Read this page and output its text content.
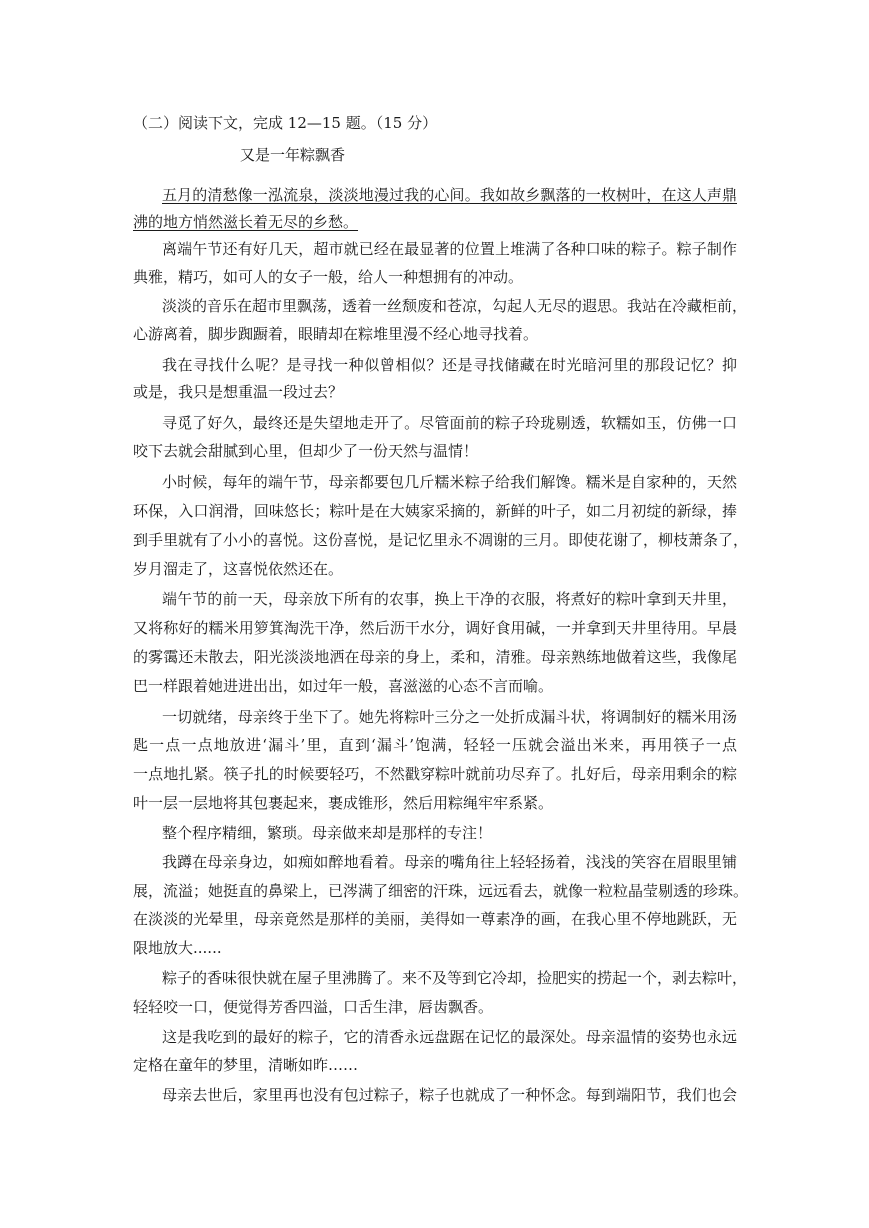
（二）阅读下文，完成 12—15 题。（15 分）
又是一年粽飘香
五月的清愁像一泓流泉，淡淡地漫过我的心间。我如故乡飘落的一枚树叶，在这人声鼎
沸的地方悄然滋长着无尽的乡愁。
离端午节还有好几天，超市就已经在最显著的位置上堆满了各种口味的粽子。粽子制作
典雅，精巧，如可人的女子一般，给人一种想拥有的冲动。
淡淡的音乐在超市里飘荡，透着一丝颓废和苍凉，勾起人无尽的遐思。我站在冷藏柜前，
心游离着，脚步踟蹰着，眼睛却在粽堆里漫不经心地寻找着。
我在寻找什么呢？是寻找一种似曾相似？还是寻找储藏在时光暗河里的那段记忆？抑
或是，我只是想重温一段过去？
寻觅了好久，最终还是失望地走开了。尽管面前的粽子玲珑剔透，软糯如玉，仿佛一口
咬下去就会甜腻到心里，但却少了一份天然与温情！
小时候，每年的端午节，母亲都要包几斤糯米粽子给我们解馋。糯米是自家种的，天然
环保，入口润滑，回味悠长；粽叶是在大姨家采摘的，新鲜的叶子，如二月初绽的新绿，捧
到手里就有了小小的喜悦。这份喜悦，是记忆里永不凋谢的三月。即使花谢了，柳枝萧条了，
岁月溜走了，这喜悦依然还在。
端午节的前一天，母亲放下所有的农事，换上干净的衣服，将煮好的粽叶拿到天井里，
又将称好的糯米用箩箕淘洗干净，然后沥干水分，调好食用碱，一并拿到天井里待用。早晨
的雾霭还未散去，阳光淡淡地洒在母亲的身上，柔和，清雅。母亲熟练地做着这些，我像尾
巴一样跟着她进进出出，如过年一般，喜滋滋的心态不言而喻。
一切就绪，母亲终于坐下了。她先将粽叶三分之一处折成漏斗状，将调制好的糯米用汤
匙一点一点地放进‘漏斗’里，直到‘漏斗’饱满，轻轻一压就会溢出米来，再用筷子一点
一点地扎紧。筷子扎的时候要轻巧，不然戳穿粽叶就前功尽弃了。扎好后，母亲用剩余的粽
叶一层一层地将其包裹起来，裹成锥形，然后用粽绳牢牢系紧。
整个程序精细，繁琐。母亲做来却是那样的专注！
我蹲在母亲身边，如痴如醉地看着。母亲的嘴角往上轻轻扬着，浅浅的笑容在眉眼里铺
展，流溢；她挺直的鼻梁上，已涔满了细密的汗珠，远远看去，就像一粒粒晶莹剔透的珍珠。
在淡淡的光晕里，母亲竟然是那样的美丽，美得如一尊素净的画，在我心里不停地跳跃，无
限地放大......
粽子的香味很快就在屋子里沸腾了。来不及等到它冷却，捡肥实的捞起一个，剥去粽叶，
轻轻咬一口，便觉得芳香四溢，口舌生津，唇齿飘香。
这是我吃到的最好的粽子，它的清香永远盘踞在记忆的最深处。母亲温情的姿势也永远
定格在童年的梦里，清晰如昨……
母亲去世后，家里再也没有包过粽子，粽子也就成了一种怀念。每到端阳节，我们也会
